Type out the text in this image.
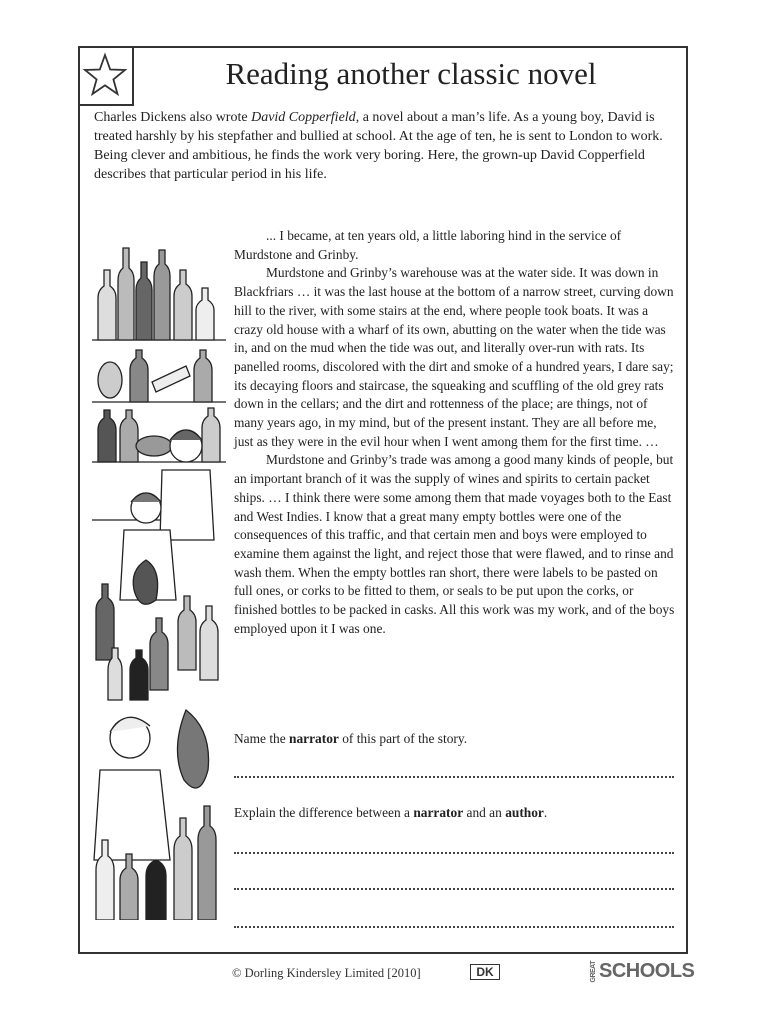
Reading another classic novel

Charles Dickens also wrote David Copperfield, a novel about a man’s life. As a young boy, David is treated harshly by his stepfather and bullied at school. At the age of ten, he is sent to London to work. Being clever and ambitious, he finds the work very boring. Here, the grown-up David Copperfield describes that particular period in his life.

... I became, at ten years old, a little laboring hind in the service of Murdstone and Grinby.

Murdstone and Grinby’s warehouse was at the water side. It was down in Blackfriars … it was the last house at the bottom of a narrow street, curving down hill to the river, with some stairs at the end, where people took boats. It was a crazy old house with a wharf of its own, abutting on the water when the tide was in, and on the mud when the tide was out, and literally over-run with rats. Its panelled rooms, discolored with the dirt and smoke of a hundred years, I dare say; its decaying floors and staircase, the squeaking and scuffling of the old grey rats down in the cellars; and the dirt and rottenness of the place; are things, not of many years ago, in my mind, but of the present instant. They are all before me, just as they were in the evil hour when I went among them for the first time. …

Murdstone and Grinby’s trade was among a good many kinds of people, but an important branch of it was the supply of wines and spirits to certain packet ships. … I think there were some among them that made voyages both to the East and West Indies. I know that a great many empty bottles were one of the consequences of this traffic, and that certain men and boys were employed to examine them against the light, and reject those that were flawed, and to rinse and wash them. When the empty bottles ran short, there were labels to be pasted on full ones, or corks to be fitted to them, or seals to be put upon the corks, or finished bottles to be packed in casks. All this work was my work, and of the boys employed upon it I was one.

Name the narrator of this part of the story.
Explain the difference between a narrator and an author.
© Dorling Kindersley Limited [2010]	DK	GREAT SCHOOLS
